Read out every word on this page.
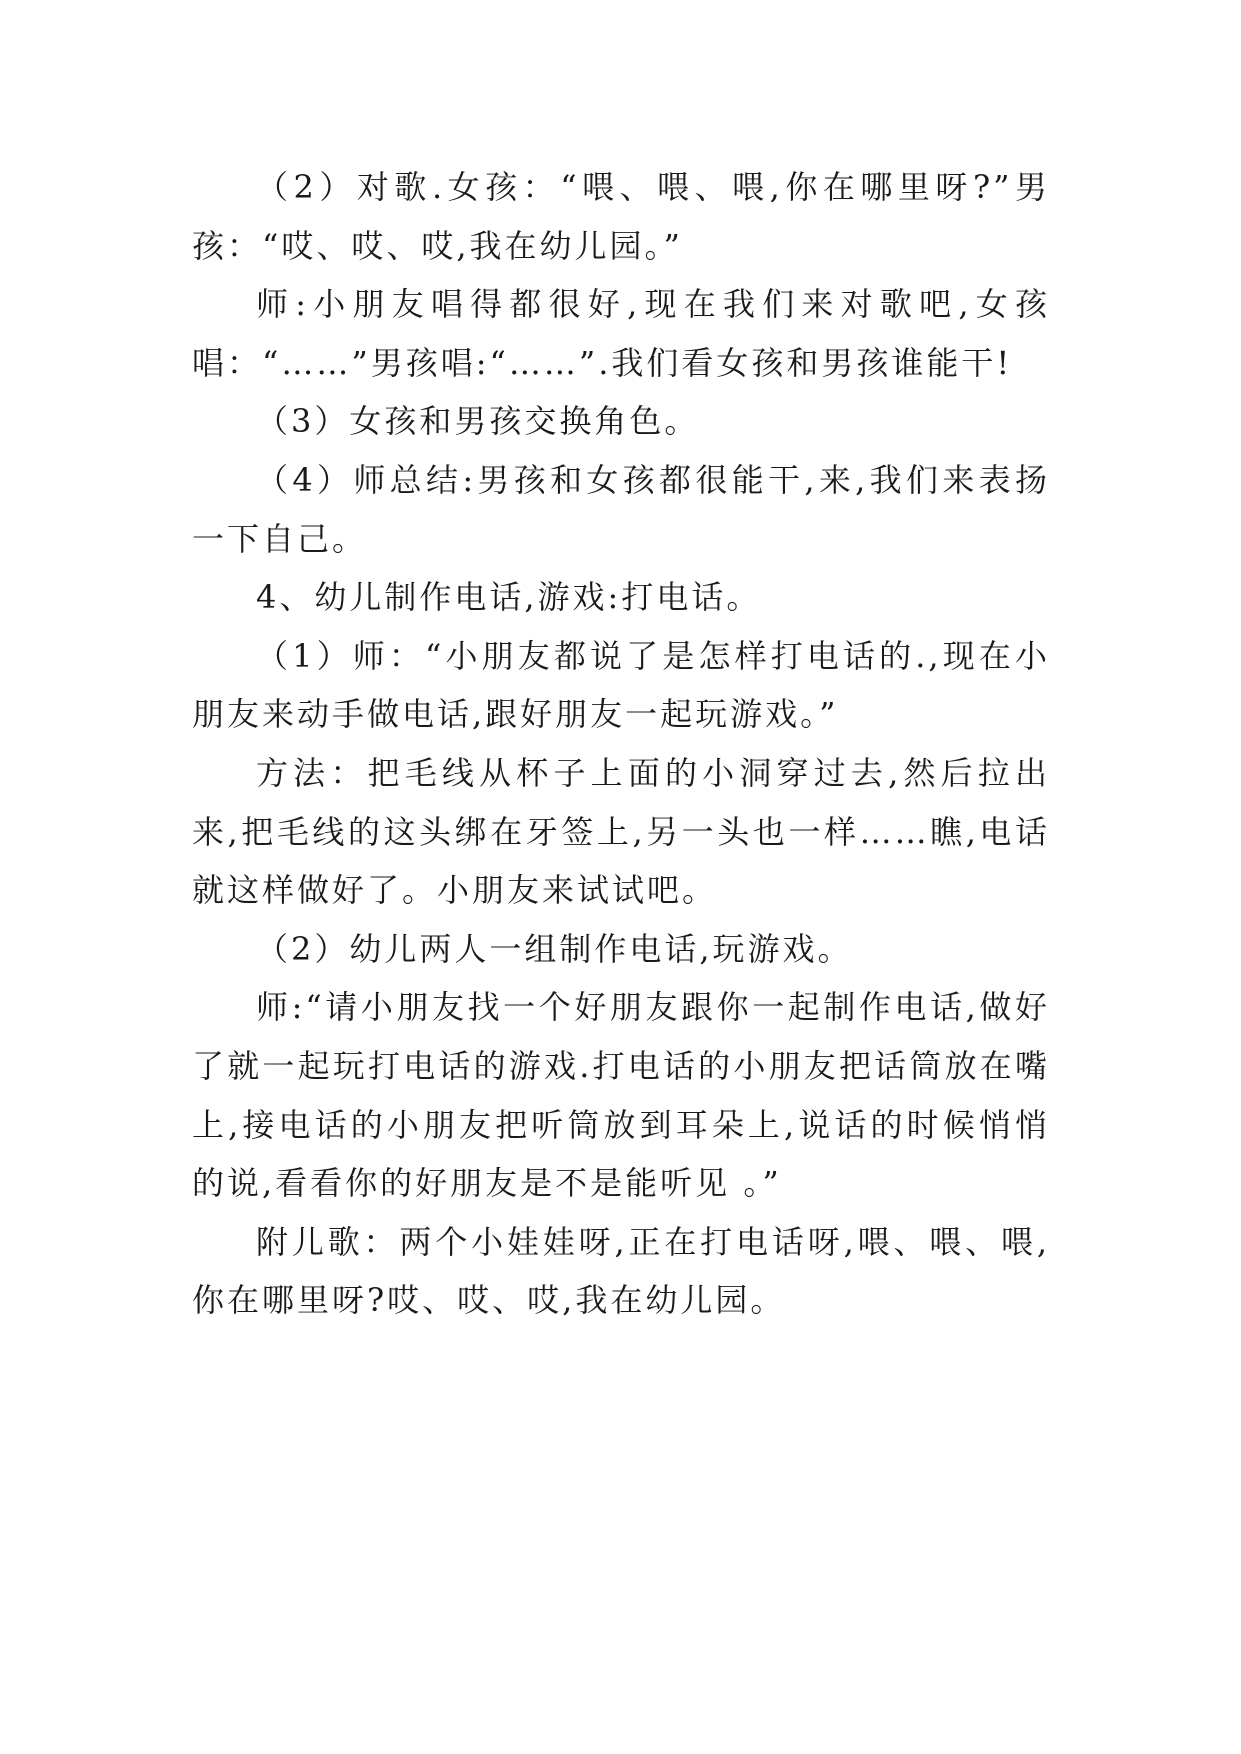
（2）对歌.女孩：“喂、喂、喂,你在哪里呀?”男孩：“哎、哎、哎,我在幼儿园。”

师:小朋友唱得都很好,现在我们来对歌吧,女孩唱：“……”男孩唱:“……”.我们看女孩和男孩谁能干!

（3）女孩和男孩交换角色。

（4）师总结:男孩和女孩都很能干,来,我们来表扬一下自己。

4、幼儿制作电话,游戏:打电话。

（1）师：“小朋友都说了是怎样打电话的.,现在小朋友来动手做电话,跟好朋友一起玩游戏。”

方法：把毛线从杯子上面的小洞穿过去,然后拉出来,把毛线的这头绑在牙签上,另一头也一样……瞧,电话就这样做好了。小朋友来试试吧。

（2）幼儿两人一组制作电话,玩游戏。

师:“请小朋友找一个好朋友跟你一起制作电话,做好了就一起玩打电话的游戏.打电话的小朋友把话筒放在嘴上,接电话的小朋友把听筒放到耳朵上,说话的时候悄悄的说,看看你的好朋友是不是能听见 。”

附儿歌：两个小娃娃呀,正在打电话呀,喂、喂、喂,你在哪里呀?哎、哎、哎,我在幼儿园。
